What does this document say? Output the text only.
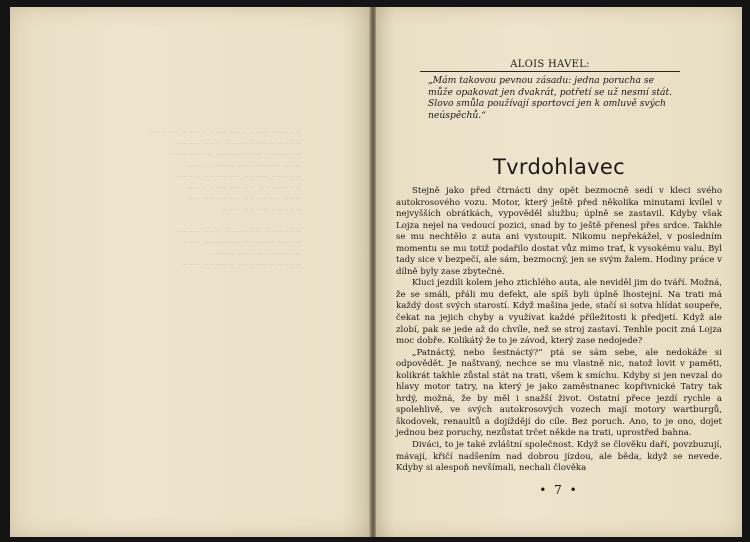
~~~~~ ~~~ ~~~~~~ ~~~~ ~~~~~
~~~~ ~~~~~~~~ ~~~ ~~~~
~~~~~~ ~~ ~~~~~ ~~~~~~~
~~~ ~~~~~~~ ~~~~ ~~~
~~~~~ ~~~~ ~~~~~~ ~~~~
~~~~~~~ ~~ ~~~~~ ~~~
~~~ ~~~~~~ ~~~~~~ ~~
~~~~~ ~~~~ ~~~

~~~~~~ ~~~~~~ ~~~ ~~~~
~~~~ ~~~~~ ~~~~~~ ~~~
~~~~~~~ ~~~ ~~~~
~~~~ ~~~~~~ ~~~~~ ~~~
ALOIS HAVEL:
„Mám takovou pevnou zásadu: jedna porucha se může opakovat jen dvakrát, potřetí se už nesmí stát. Slovo smůla používají sportovci jen k omluvě svých neúspěchů.“
Tvrdohlavec

Stejně jako před čtrnácti dny opět bezmocně sedí v kleci svého autokrosového vozu. Motor, který ještě před několika minutami kvílel v nejvyšších obrátkách, vypověděl službu; úplně se zastavil. Kdyby však Lojza nejel na vedoucí pozici, snad by to ještě přenesl přes srdce. Takhle se mu nechtělo z auta ani vystoupit. Nikomu nepřekážel, v posledním momentu se mu totiž podařilo dostat vůz mimo trať, k vysokému valu. Byl tady sice v bezpečí, ale sám, bezmocný, jen se svým žalem. Hodiny práce v dílně byly zase zbytečné.

Kluci jezdili kolem jeho ztichlého auta, ale neviděl jim do tváří. Možná, že se smáli, přáli mu defekt, ale spíš byli úplně lhostejní. Na trati má každý dost svých starostí. Když mašina jede, stačí si sotva hlídat soupeře, čekat na jejich chyby a využívat každé příležitosti k předjetí. Když ale zlobí, pak se jede až do chvíle, než se stroj zastaví. Tenhle pocit zná Lojza moc dobře. Kolikátý že to je závod, který zase nedojede?

„Patnáctý, nebo šestnáctý?“ ptá se sám sebe, ale nedokáže si odpovědět. Je naštvaný, nechce se mu vlastně nic, natož lovit v paměti, kolikrát takhle zůstal stát na trati, všem k smíchu. Kdyby si jen nevzal do hlavy motor tatry, na který je jako zaměstnanec kopřivnické Tatry tak hrdý, možná, že by měl i snažší život. Ostatní přece jezdí rychle a spolehlivě, ve svých autokrosových vozech mají motory wartburgů, škodovek, renaultů a dojíždějí do cíle. Bez poruch. Ano, to je ono, dojet jednou bez poruchy, nezůstat trčet někde na trati, uprostřed bahna.

Diváci, to je také zvláštní společnost. Když se člověku daří, povzbuzují, mávají, křičí nadšením nad dobrou jízdou, ale běda, když se nevede. Kdyby si alespoň nevšímali, nechali člověka

• 7 •
